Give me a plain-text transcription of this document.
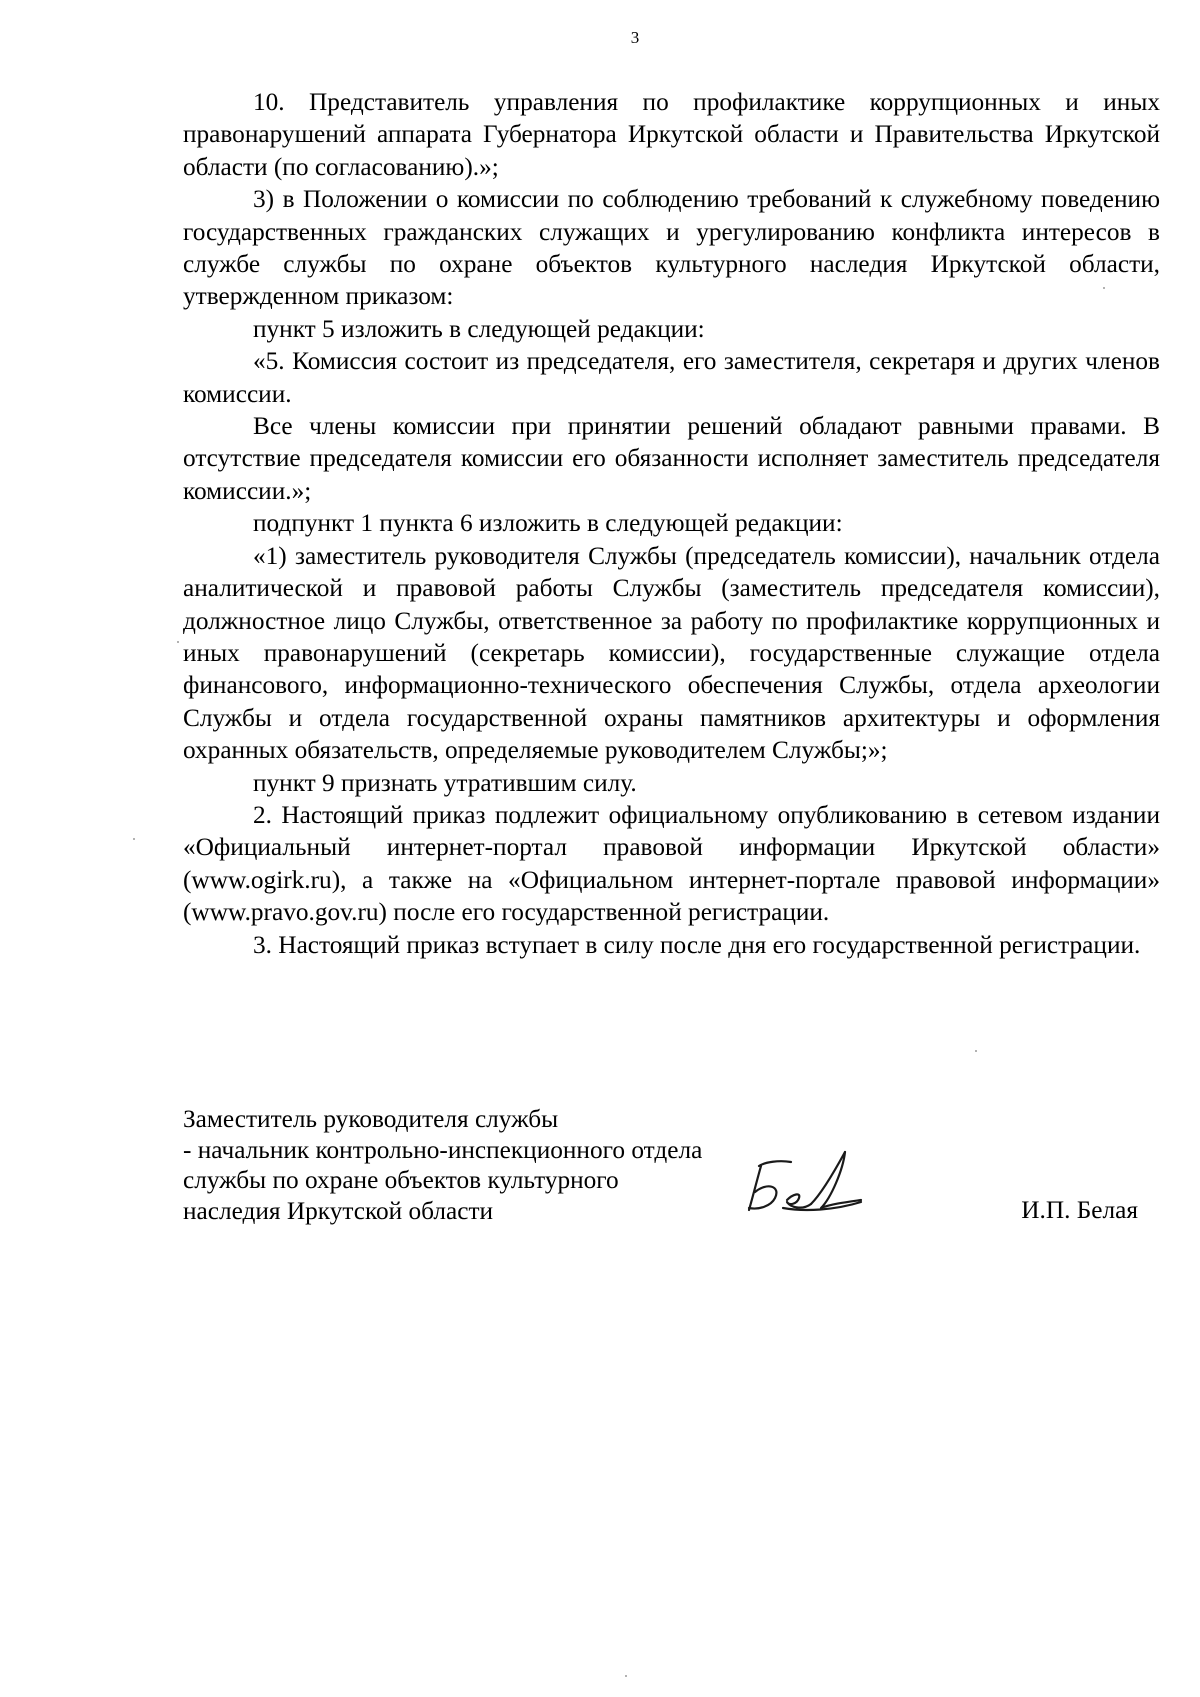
3

10. Представитель управления по профилактике коррупционных и иных правонарушений аппарата Губернатора Иркутской области и Правительства Иркутской области (по согласованию).»;

3) в Положении о комиссии по соблюдению требований к служебному поведению государственных гражданских служащих и урегулированию конфликта интересов в службе службы по охране объектов культурного наследия Иркутской области, утвержденном приказом:

пункт 5 изложить в следующей редакции:

«5. Комиссия состоит из председателя, его заместителя, секретаря и других членов комиссии.

Все члены комиссии при принятии решений обладают равными правами. В отсутствие председателя комиссии его обязанности исполняет заместитель председателя комиссии.»;

подпункт 1 пункта 6 изложить в следующей редакции:

«1) заместитель руководителя Службы (председатель комиссии), начальник отдела аналитической и правовой работы Службы (заместитель председателя комиссии), должностное лицо Службы, ответственное за работу по профилактике коррупционных и иных правонарушений (секретарь комиссии), государственные служащие отдела финансового, информационно-технического обеспечения Службы, отдела археологии Службы и отдела государственной охраны памятников архитектуры и оформления охранных обязательств, определяемые руководителем Службы;»;

пункт 9 признать утратившим силу.

2. Настоящий приказ подлежит официальному опубликованию в сетевом издании «Официальный интернет-портал правовой информации Иркутской области» (www.ogirk.ru), а также на «Официальном интернет-портале правовой информации» (www.pravo.gov.ru) после его государственной регистрации.

3. Настоящий приказ вступает в силу после дня его государственной регистрации.

Заместитель руководителя службы
- начальник контрольно-инспекционного отдела
службы по охране объектов культурного
наследия Иркутской области	И.П. Белая
